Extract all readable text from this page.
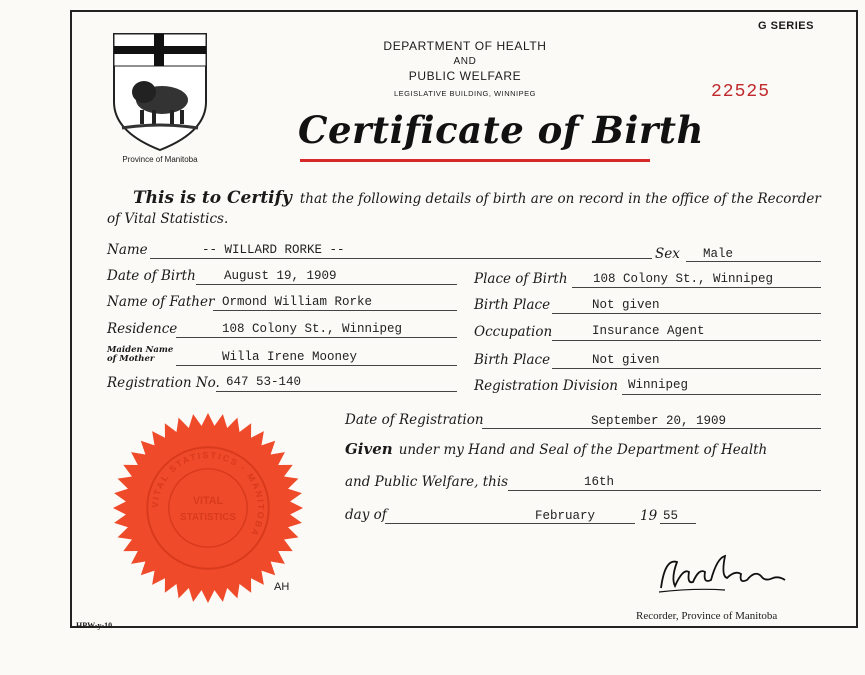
G SERIES
22525
DEPARTMENT OF HEALTH
AND
PUBLIC WELFARE
LEGISLATIVE BUILDING, WINNIPEG
Province of Manitoba
Certificate of Birth
This is to Certify that the following details of birth are on record in the office of the Recorder of Vital Statistics.
Name	-- WILLARD RORKE --	Sex Male
Date of Birth August 19, 1909	Place of Birth 108 Colony St., Winnipeg
Name of Father Ormond William Rorke	Birth Place	Not given
Residence	108 Colony St., Winnipeg	Occupation	Insurance Agent
Maiden Name
of Mother	Willa Irene Mooney	Birth Place	Not given
Registration No. 647 53-140	Registration Division Winnipeg
Date of Registration	September 20, 1909
Given under my Hand and Seal of the Department of Health
and Public Welfare, this	16th
day of	February	19 55
VITAL
STATISTICS
VITAL STATISTICS · MANITOBA
AH
Recorder, Province of Manitoba
HPW-y-10
